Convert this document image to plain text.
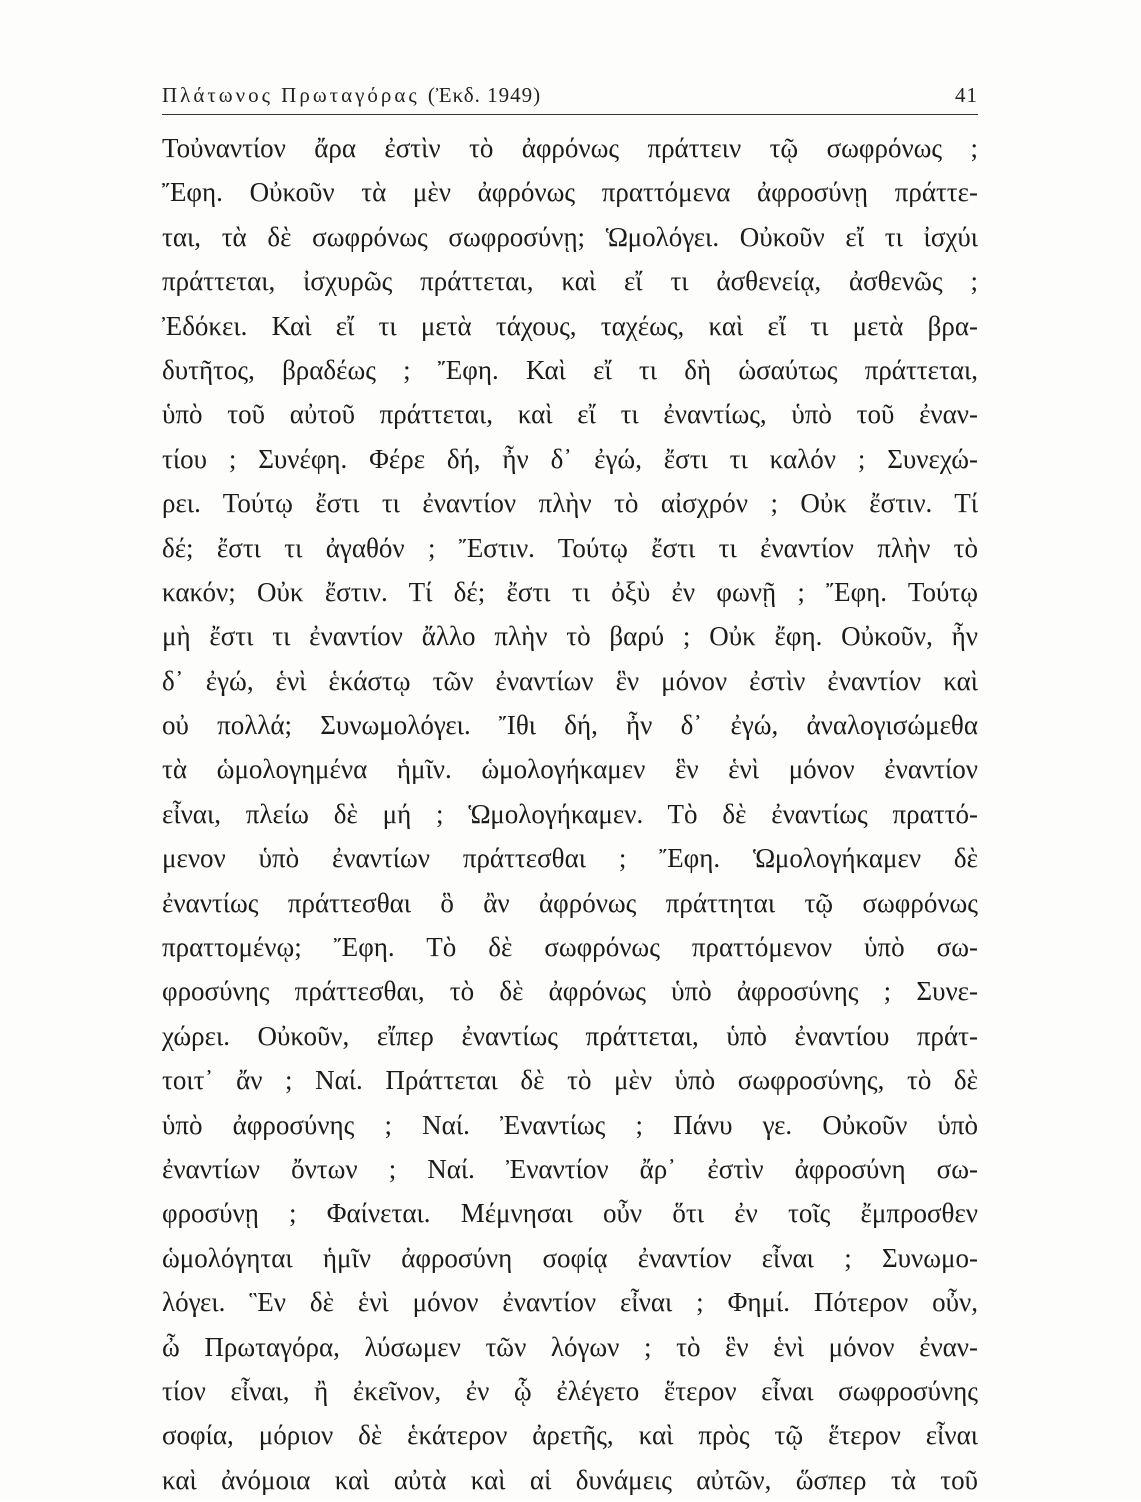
Πλάτωνος Πρωταγόρας (Ἐκδ. 1949)	41
Τοὐναντίον ἄρα ἐστὶν τὸ ἀφρόνως πράττειν τῷ σωφρόνως ;
Ἔφη. Οὐκοῦν τὰ μὲν ἀφρόνως πραττόμενα ἀφροσύνῃ πράττε-
ται, τὰ δὲ σωφρόνως σωφροσύνῃ; Ὡμολόγει. Οὐκοῦν εἴ τι ἰσχύι
πράττεται, ἰσχυρῶς πράττεται, καὶ εἴ τι ἀσθενείᾳ, ἀσθενῶς ;
Ἐδόκει. Καὶ εἴ τι μετὰ τάχους, ταχέως, καὶ εἴ τι μετὰ βρα-
δυτῆτος, βραδέως ; Ἔφη. Καὶ εἴ τι δὴ ὡσαύτως πράττεται,
ὑπὸ τοῦ αὐτοῦ πράττεται, καὶ εἴ τι ἐναντίως, ὑπὸ τοῦ ἐναν-
τίου ; Συνέφη. Φέρε δή, ἦν δ᾽ ἐγώ, ἔστι τι καλόν ; Συνεχώ-
ρει. Τούτῳ ἔστι τι ἐναντίον πλὴν τὸ αἰσχρόν ; Οὐκ ἔστιν. Τί
δέ; ἔστι τι ἀγαθόν ; Ἔστιν. Τούτῳ ἔστι τι ἐναντίον πλὴν τὸ
κακόν; Οὐκ ἔστιν. Τί δέ; ἔστι τι ὀξὺ ἐν φωνῇ ; Ἔφη. Τούτῳ
μὴ ἔστι τι ἐναντίον ἄλλο πλὴν τὸ βαρύ ; Οὐκ ἔφη. Οὐκοῦν, ἦν
δ᾽ ἐγώ, ἑνὶ ἑκάστῳ τῶν ἐναντίων ἓν μόνον ἐστὶν ἐναντίον καὶ
οὐ πολλά; Συνωμολόγει. Ἴθι δή, ἦν δ᾽ ἐγώ, ἀναλογισώμεθα
τὰ ὡμολογημένα ἡμῖν. ὡμολογήκαμεν ἓν ἑνὶ μόνον ἐναντίον
εἶναι, πλείω δὲ μή ; Ὡμολογήκαμεν. Τὸ δὲ ἐναντίως πραττό-
μενον ὑπὸ ἐναντίων πράττεσθαι ; Ἔφη. Ὡμολογήκαμεν δὲ
ἐναντίως πράττεσθαι ὃ ἂν ἀφρόνως πράττηται τῷ σωφρόνως
πραττομένῳ; Ἔφη. Τὸ δὲ σωφρόνως πραττόμενον ὑπὸ σω-
φροσύνης πράττεσθαι, τὸ δὲ ἀφρόνως ὑπὸ ἀφροσύνης ; Συνε-
χώρει. Οὐκοῦν, εἴπερ ἐναντίως πράττεται, ὑπὸ ἐναντίου πράτ-
τοιτ᾽ ἄν ; Ναί. Πράττεται δὲ τὸ μὲν ὑπὸ σωφροσύνης, τὸ δὲ
ὑπὸ ἀφροσύνης ; Ναί. Ἐναντίως ; Πάνυ γε. Οὐκοῦν ὑπὸ
ἐναντίων ὄντων ; Ναί. Ἐναντίον ἄρ᾽ ἐστὶν ἀφροσύνη σω-
φροσύνῃ ; Φαίνεται. Μέμνησαι οὖν ὅτι ἐν τοῖς ἔμπροσθεν
ὡμολόγηται ἡμῖν ἀφροσύνη σοφίᾳ ἐναντίον εἶναι ; Συνωμο-
λόγει. Ἓν δὲ ἑνὶ μόνον ἐναντίον εἶναι ; Φημί. Πότερον οὖν,
ὦ Πρωταγόρα, λύσωμεν τῶν λόγων ; τὸ ἓν ἑνὶ μόνον ἐναν-
τίον εἶναι, ἢ ἐκεῖνον, ἐν ᾧ ἐλέγετο ἕτερον εἶναι σωφροσύνης
σοφία, μόριον δὲ ἑκάτερον ἀρετῆς, καὶ πρὸς τῷ ἕτερον εἶναι
καὶ ἀνόμοια καὶ αὐτὰ καὶ αἱ δυνάμεις αὐτῶν, ὥσπερ τὰ τοῦ
